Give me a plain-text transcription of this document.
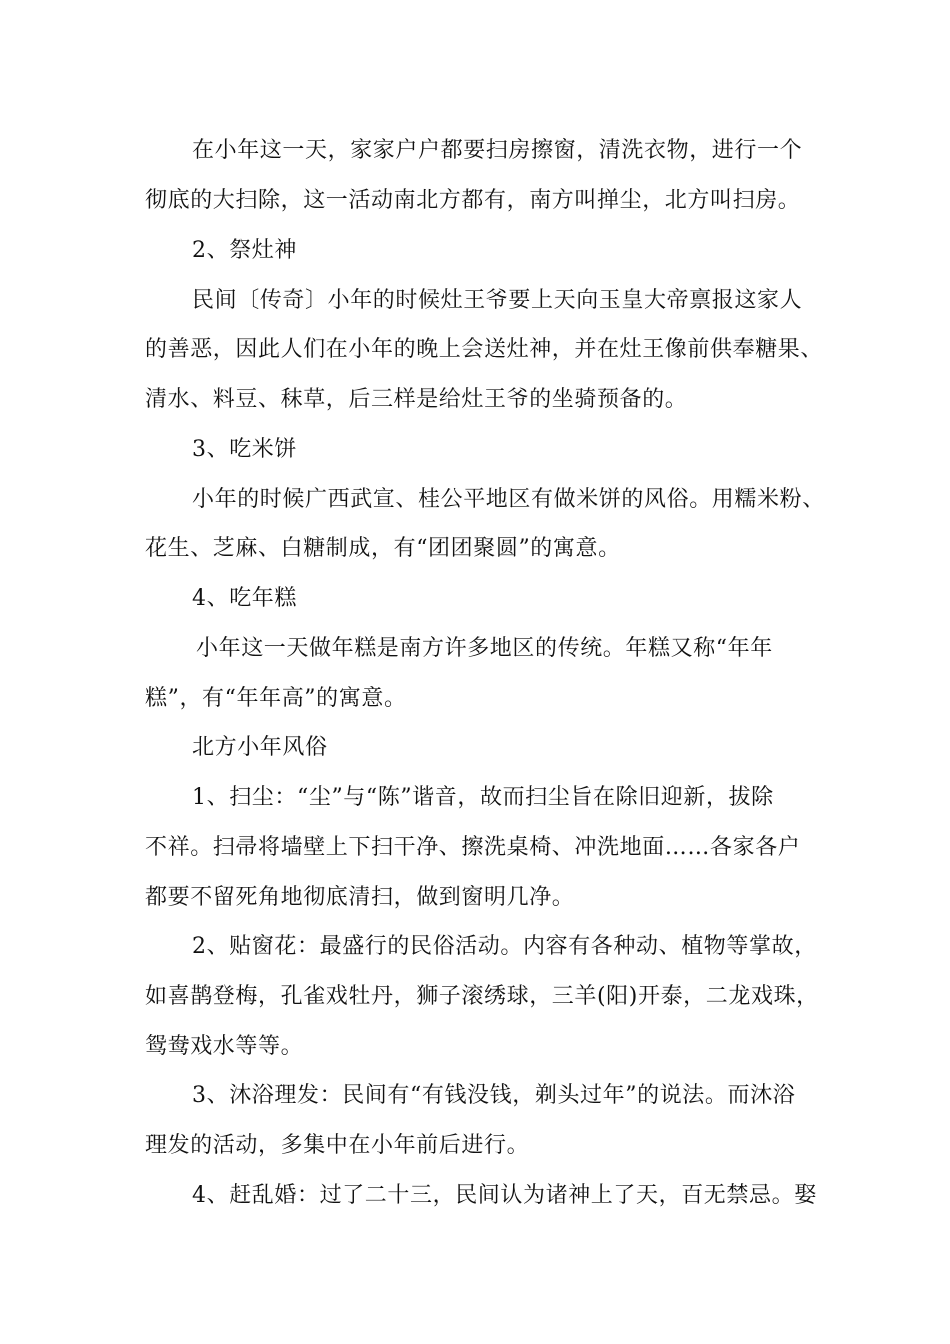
在小年这一天，家家户户都要扫房擦窗，清洗衣物，进行一个
彻底的大扫除，这一活动南北方都有，南方叫掸尘，北方叫扫房。
2、祭灶神
民间〔传奇〕小年的时候灶王爷要上天向玉皇大帝禀报这家人
的善恶，因此人们在小年的晚上会送灶神，并在灶王像前供奉糖果、
清水、料豆、秣草，后三样是给灶王爷的坐骑预备的。
3、吃米饼
小年的时候广西武宣、桂公平地区有做米饼的风俗。用糯米粉、
花生、芝麻、白糖制成，有“团团聚圆”的寓意。
4、吃年糕
小年这一天做年糕是南方许多地区的传统。年糕又称“年年
糕”，有“年年高”的寓意。
北方小年风俗
1、扫尘：“尘”与“陈”谐音，故而扫尘旨在除旧迎新，拔除
不祥。扫帚将墙壁上下扫干净、擦洗桌椅、冲洗地面……各家各户
都要不留死角地彻底清扫，做到窗明几净。
2、贴窗花：最盛行的民俗活动。内容有各种动、植物等掌故，
如喜鹊登梅，孔雀戏牡丹，狮子滚绣球，三羊(阳)开泰，二龙戏珠，
鸳鸯戏水等等。
3、沐浴理发：民间有“有钱没钱，剃头过年”的说法。而沐浴
理发的活动，多集中在小年前后进行。
4、赶乱婚：过了二十三，民间认为诸神上了天，百无禁忌。娶
